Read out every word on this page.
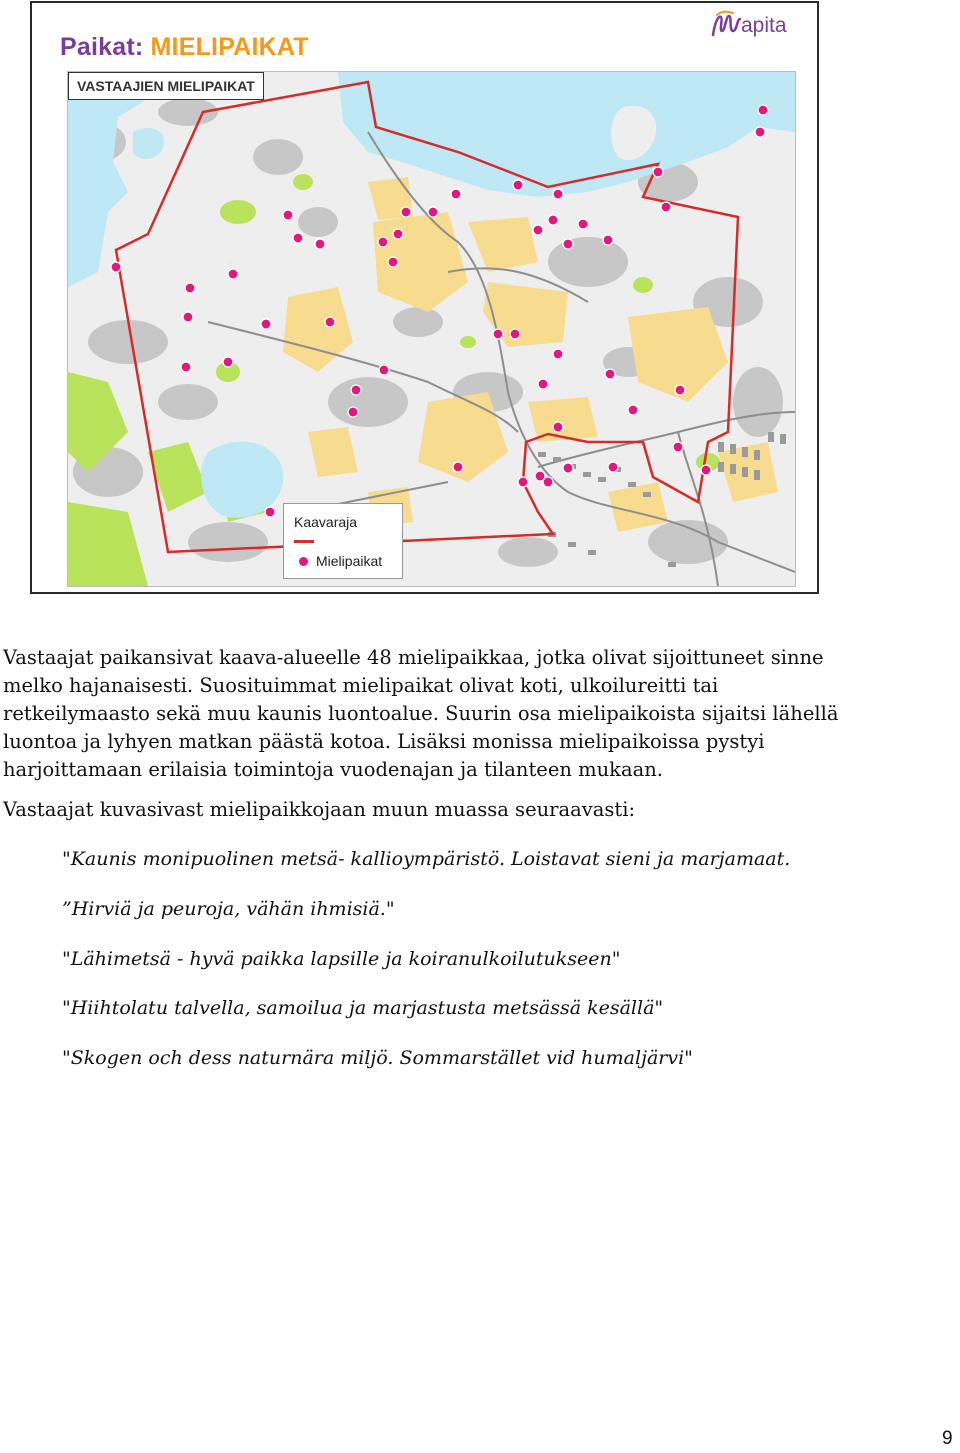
Paikat: MIELIPAIKAT
apita
VASTAAJIEN MIELIPAIKAT
Kaavaraja
Mielipaikat

Vastaajat paikansivat kaava-alueelle 48 mielipaikkaa, jotka olivat sijoittuneet sinne
melko hajanaisesti. Suosituimmat mielipaikat olivat koti, ulkoilureitti tai
retkeilymaasto sekä muu kaunis luontoalue. Suurin osa mielipaikoista sijaitsi lähellä
luontoa ja lyhyen matkan päästä kotoa. Lisäksi monissa mielipaikoissa pystyi
harjoittamaan erilaisia toimintoja vuodenajan ja tilanteen mukaan.

Vastaajat kuvasivast mielipaikkojaan muun muassa seuraavasti:
"Kaunis monipuolinen metsä- kallioympäristö. Loistavat sieni ja marjamaat.
”Hirviä ja peuroja, vähän ihmisiä."
"Lähimetsä - hyvä paikka lapsille ja koiranulkoilutukseen"
"Hiihtolatu talvella, samoilua ja marjastusta metsässä kesällä"
"Skogen och dess naturnära miljö. Sommarstället vid humaljärvi"
9
